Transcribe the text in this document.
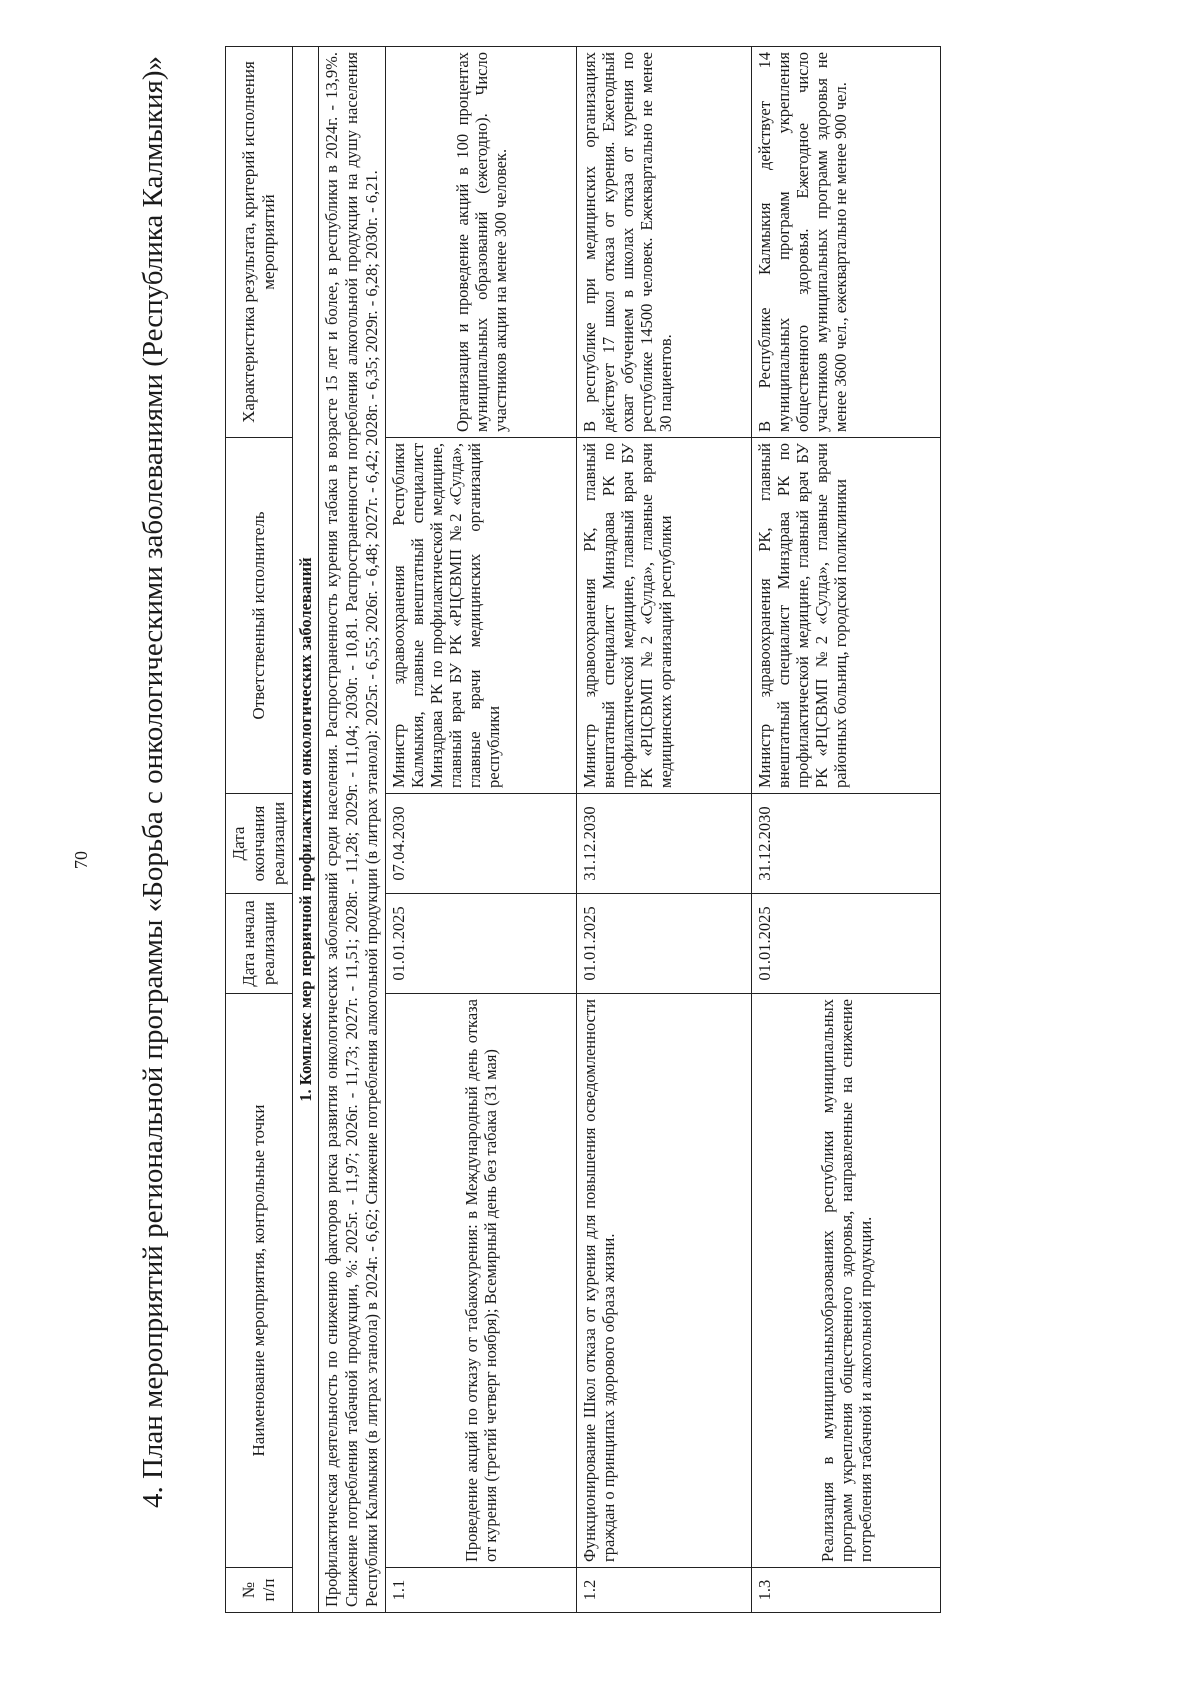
70 4. План мероприятий региональной программы «Борьба с онкологическими заболеваниями (Республика Калмыкия)»
№ п/п	Наименование мероприятия, контрольные точки	Дата начала реализации	Дата окончания реализации	Ответственный исполнитель	Характеристика результата, критерий исполнения мероприятий
1. Комплекс мер первичной профилактики онкологических заболеваний					
Профилактическая деятельность по снижению факторов риска развития онкологических заболеваний среди населения. Распространенность курения табака в возрасте 15 лет и более, в республики в 2024г. - 13,9%. Снижение потребления табачной продукции, %: 2025г. - 11,97; 2026г. - 11,73; 2027г. - 11,51; 2028г. - 11,28; 2029г. - 11,04; 2030г. - 10,81. Распространенности потребления алкогольной продукции на душу населения Республики Калмыкия (в литрах этанола) в 2024г. - 6,62; Снижение потребления алкогольной продукции (в литрах этанола): 2025г. - 6,55; 2026г. - 6,48; 2027г. - 6,42; 2028г. - 6,35; 2029г. - 6,28; 2030г. - 6,21.					
1.1	Проведение акций по отказу от табакокурения: в Международный день отказа от курения (третий четверг ноября); Всемирный день без табака (31 мая)	01.01.2025	07.04.2030	Министр здравоохранения Республики Калмыкия, главные внештатный специалист Минздрава РК по профилактической медицине, главный врач БУ РК «РЦСВМП №2 «Сулда», главные врачи медицинских организаций республики	Организация и проведение акций в 100 процентах муниципальных образований (ежегодно). Число участников акции на менее 300 человек.
1.2	Функционирование Школ отказа от курения для повышения осведомленности граждан о принципах здорового образа жизни.	01.01.2025	31.12.2030	Министр здравоохранения РК, главный внештатный специалист Минздрава РК по профилактической медицине, главный врач БУ РК «РЦСВМП №2 «Сулда», главные врачи медицинских организаций республики	В республике при медицинских организациях действует 17 школ отказа от курения. Ежегодный охват обучением в школах отказа от курения по республике 14500 человек. Ежеквартально не менее 30 пациентов.
1.3	Реализация в муниципальныхобразованиях республики муниципальных программ укрепления общественного здоровья, направленные на снижение потребления табачной и алкогольной продукции.	01.01.2025	31.12.2030	Министр здравоохранения РК, главный внештатный специалист Минздрава РК по профилактической медицине, главный врач БУ РК «РЦСВМП №2 «Сулда», главные врачи районных больниц, городской поликлиники	В Республике Калмыкия действует 14 муниципальных программ укрепления общественного здоровья. Ежегодное число участников муниципальных программ здоровья не менее 3600 чел., ежеквартально не менее 900 чел.
